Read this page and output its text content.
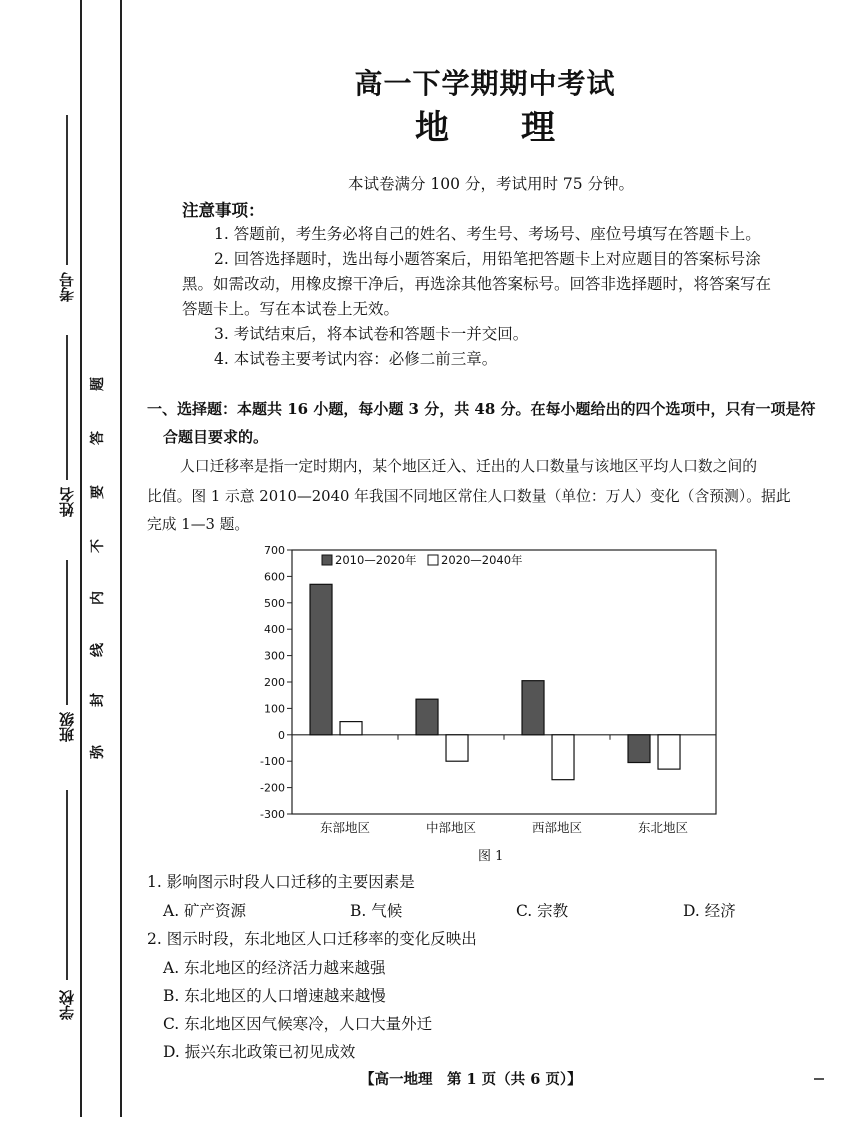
考号
姓名
班级
学校
题
答
要
不
内
线
封
弥
高一下学期期中考试
地 理
本试卷满分 100 分，考试用时 75 分钟。
注意事项：
1. 答题前，考生务必将自己的姓名、考生号、考场号、座位号填写在答题卡上。
2. 回答选择题时，选出每小题答案后，用铅笔把答题卡上对应题目的答案标号涂
黑。如需改动，用橡皮擦干净后，再选涂其他答案标号。回答非选择题时，将答案写在
答题卡上。写在本试卷上无效。
3. 考试结束后，将本试卷和答题卡一并交回。
4. 本试卷主要考试内容：必修二前三章。
一、选择题：本题共 16 小题，每小题 3 分，共 48 分。在每小题给出的四个选项中，只有一项是符
合题目要求的。
人口迁移率是指一定时期内，某个地区迁入、迁出的人口数量与该地区平均人口数之间的
比值。图 1 示意 2010—2040 年我国不同地区常住人口数量（单位：万人）变化（含预测）。据此
完成 1—3 题。
700
600
500
400
300
200
100
0
-100
-200
-300
东部地区	中部地区	西部地区	东北地区
2010—2020年 2020—2040年
图 1
1. 影响图示时段人口迁移的主要因素是
A. 矿产资源	B. 气候	C. 宗教	D. 经济
2. 图示时段，东北地区人口迁移率的变化反映出
A. 东北地区的经济活力越来越强
B. 东北地区的人口增速越来越慢
C. 东北地区因气候寒冷，人口大量外迁
D. 振兴东北政策已初见成效
【高一地理　第 1 页（共 6 页）】
